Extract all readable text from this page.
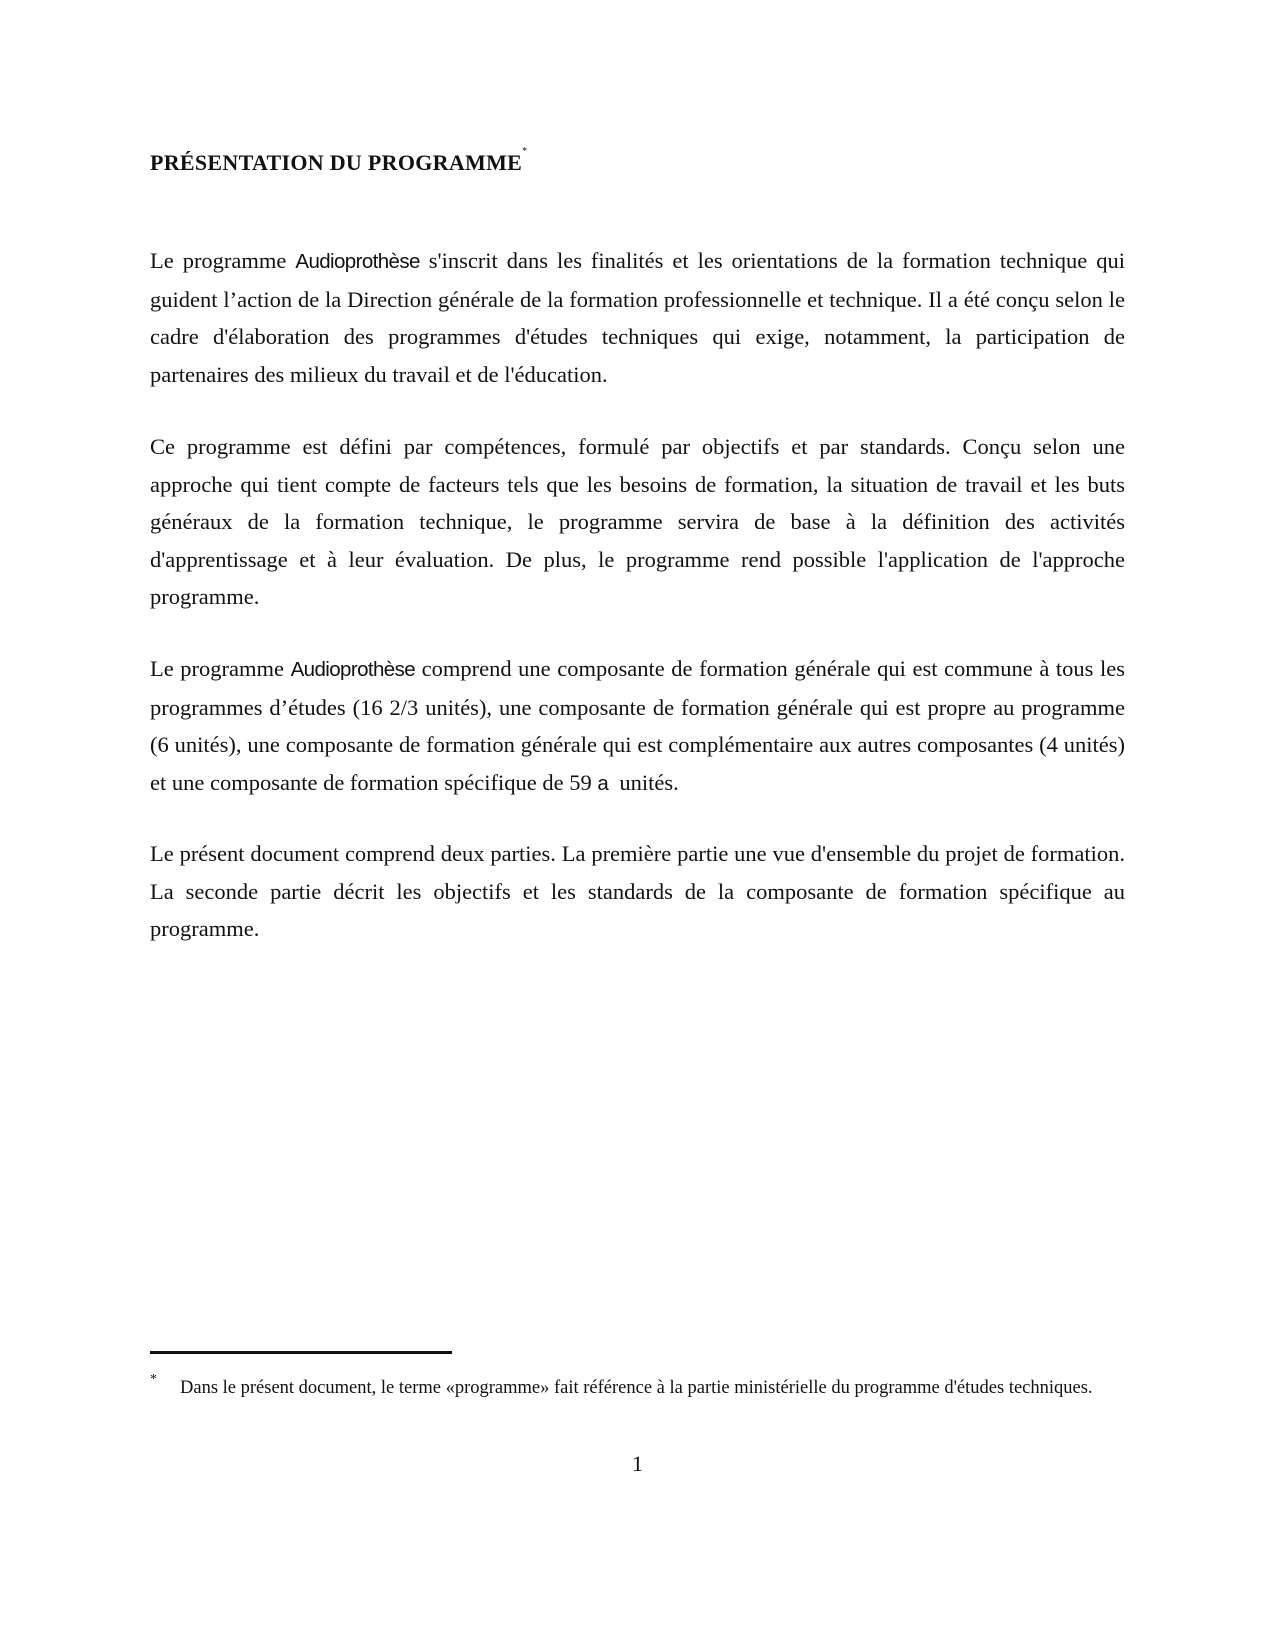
PRÉSENTATION DU PROGRAMME*

Le programme Audioprothèse s'inscrit dans les finalités et les orientations de la formation technique qui guident l’action de la Direction générale de la formation professionnelle et technique. Il a été conçu selon le cadre d'élaboration des programmes d'études techniques qui exige, notamment, la participation de partenaires des milieux du travail et de l'éducation.

Ce programme est défini par compétences, formulé par objectifs et par standards. Conçu selon une approche qui tient compte de facteurs tels que les besoins de formation, la situation de travail et les buts généraux de la formation technique, le programme servira de base à la définition des activités d'apprentissage et à leur évaluation. De plus, le programme rend possible l'application de l'approche programme.

Le programme Audioprothèse comprend une composante de formation générale qui est commune à tous les programmes d’études (16 2/3 unités), une composante de formation générale qui est propre au programme (6 unités), une composante de formation générale qui est complémentaire aux autres composantes (4 unités) et une composante de formation spécifique de 59 a  unités.

Le présent document comprend deux parties. La première partie une vue d'ensemble du projet de formation. La seconde partie décrit les objectifs et les standards de la composante de formation spécifique au programme.

* Dans le présent document, le terme «programme» fait référence à la partie ministérielle du programme d'études techniques.
1
